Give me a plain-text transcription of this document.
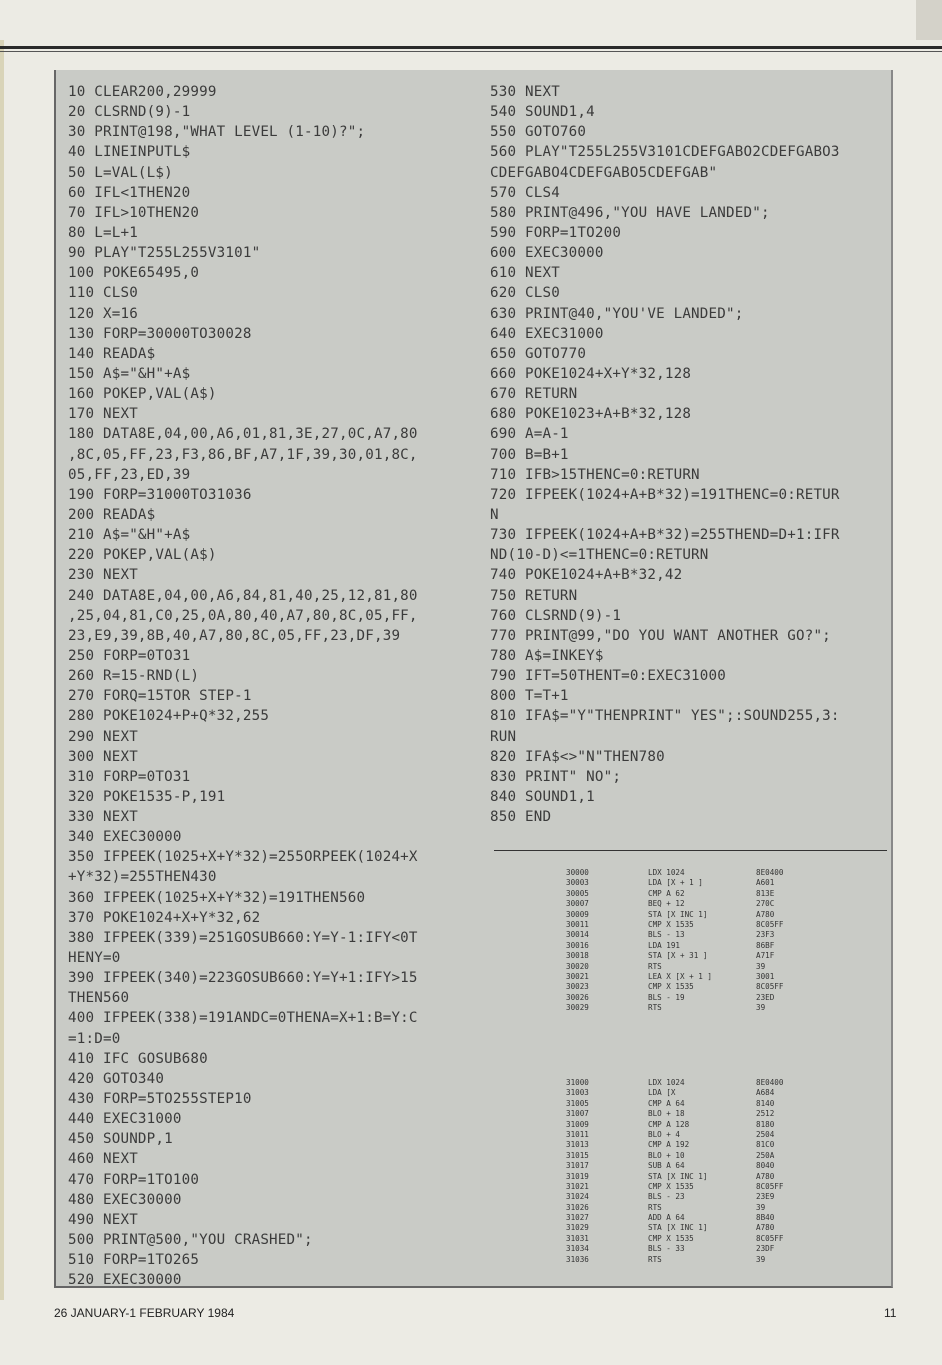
10 CLEAR200,29999
20 CLSRND(9)-1
30 PRINT@198,"WHAT LEVEL (1-10)?";
40 LINEINPUTL$
50 L=VAL(L$)
60 IFL<1THEN20
70 IFL>10THEN20
80 L=L+1
90 PLAY"T255L255V3101"
100 POKE65495,0
110 CLS0
120 X=16
130 FORP=30000TO30028
140 READA$
150 A$="&H"+A$
160 POKEP,VAL(A$)
170 NEXT
180 DATA8E,04,00,A6,01,81,3E,27,0C,A7,80
,8C,05,FF,23,F3,86,BF,A7,1F,39,30,01,8C,
05,FF,23,ED,39
190 FORP=31000TO31036
200 READA$
210 A$="&H"+A$
220 POKEP,VAL(A$)
230 NEXT
240 DATA8E,04,00,A6,84,81,40,25,12,81,80
,25,04,81,C0,25,0A,80,40,A7,80,8C,05,FF,
23,E9,39,8B,40,A7,80,8C,05,FF,23,DF,39
250 FORP=0TO31
260 R=15-RND(L)
270 FORQ=15TOR STEP-1
280 POKE1024+P+Q*32,255
290 NEXT
300 NEXT
310 FORP=0TO31
320 POKE1535-P,191
330 NEXT
340 EXEC30000
350 IFPEEK(1025+X+Y*32)=255ORPEEK(1024+X
+Y*32)=255THEN430
360 IFPEEK(1025+X+Y*32)=191THEN560
370 POKE1024+X+Y*32,62
380 IFPEEK(339)=251GOSUB660:Y=Y-1:IFY<0T
HENY=0
390 IFPEEK(340)=223GOSUB660:Y=Y+1:IFY>15
THEN560
400 IFPEEK(338)=191ANDC=0THENA=X+1:B=Y:C
=1:D=0
410 IFC GOSUB680
420 GOTO340
430 FORP=5TO255STEP10
440 EXEC31000
450 SOUNDP,1
460 NEXT
470 FORP=1TO100
480 EXEC30000
490 NEXT
500 PRINT@500,"YOU CRASHED";
510 FORP=1TO265
520 EXEC30000
530 NEXT
540 SOUND1,4
550 GOTO760
560 PLAY"T255L255V3101CDEFGABO2CDEFGABO3
CDEFGABO4CDEFGABO5CDEFGAB"
570 CLS4
580 PRINT@496,"YOU HAVE LANDED";
590 FORP=1TO200
600 EXEC30000
610 NEXT
620 CLS0
630 PRINT@40,"YOU'VE LANDED";
640 EXEC31000
650 GOTO770
660 POKE1024+X+Y*32,128
670 RETURN
680 POKE1023+A+B*32,128
690 A=A-1
700 B=B+1
710 IFB>15THENC=0:RETURN
720 IFPEEK(1024+A+B*32)=191THENC=0:RETUR
N
730 IFPEEK(1024+A+B*32)=255THEND=D+1:IFR
ND(10-D)<=1THENC=0:RETURN
740 POKE1024+A+B*32,42
750 RETURN
760 CLSRND(9)-1
770 PRINT@99,"DO YOU WANT ANOTHER GO?";
780 A$=INKEY$
790 IFT=50THENT=0:EXEC31000
800 T=T+1
810 IFA$="Y"THENPRINT" YES";:SOUND255,3:
RUN
820 IFA$<>"N"THEN780
830 PRINT" NO";
840 SOUND1,1
850 END
30000	LDX 1024	8E0400
30003	LDA [X + 1 ]	A601
30005	CMP A 62	813E
30007	BEQ + 12	270C
30009	STA [X INC 1]	A780
30011	CMP X 1535	8C05FF
30014	BLS - 13	23F3
30016	LDA 191	86BF
30018	STA [X + 31 ]	A71F
30020	RTS	39
30021	LEA X [X + 1 ]	3001
30023	CMP X 1535	8C05FF
30026	BLS - 19	23ED
30029	RTS	39
31000	LDX 1024	8E0400
31003	LDA [X	A684
31005	CMP A 64	8140
31007	BLO + 18	2512
31009	CMP A 128	8180
31011	BLO + 4	2504
31013	CMP A 192	81C0
31015	BLO + 10	250A
31017	SUB A 64	8040
31019	STA [X INC 1]	A780
31021	CMP X 1535	8C05FF
31024	BLS - 23	23E9
31026	RTS	39
31027	ADD A 64	8B40
31029	STA [X INC 1]	A780
31031	CMP X 1535	8C05FF
31034	BLS - 33	23DF
31036	RTS	39
26 JANUARY-1 FEBRUARY 1984	11
